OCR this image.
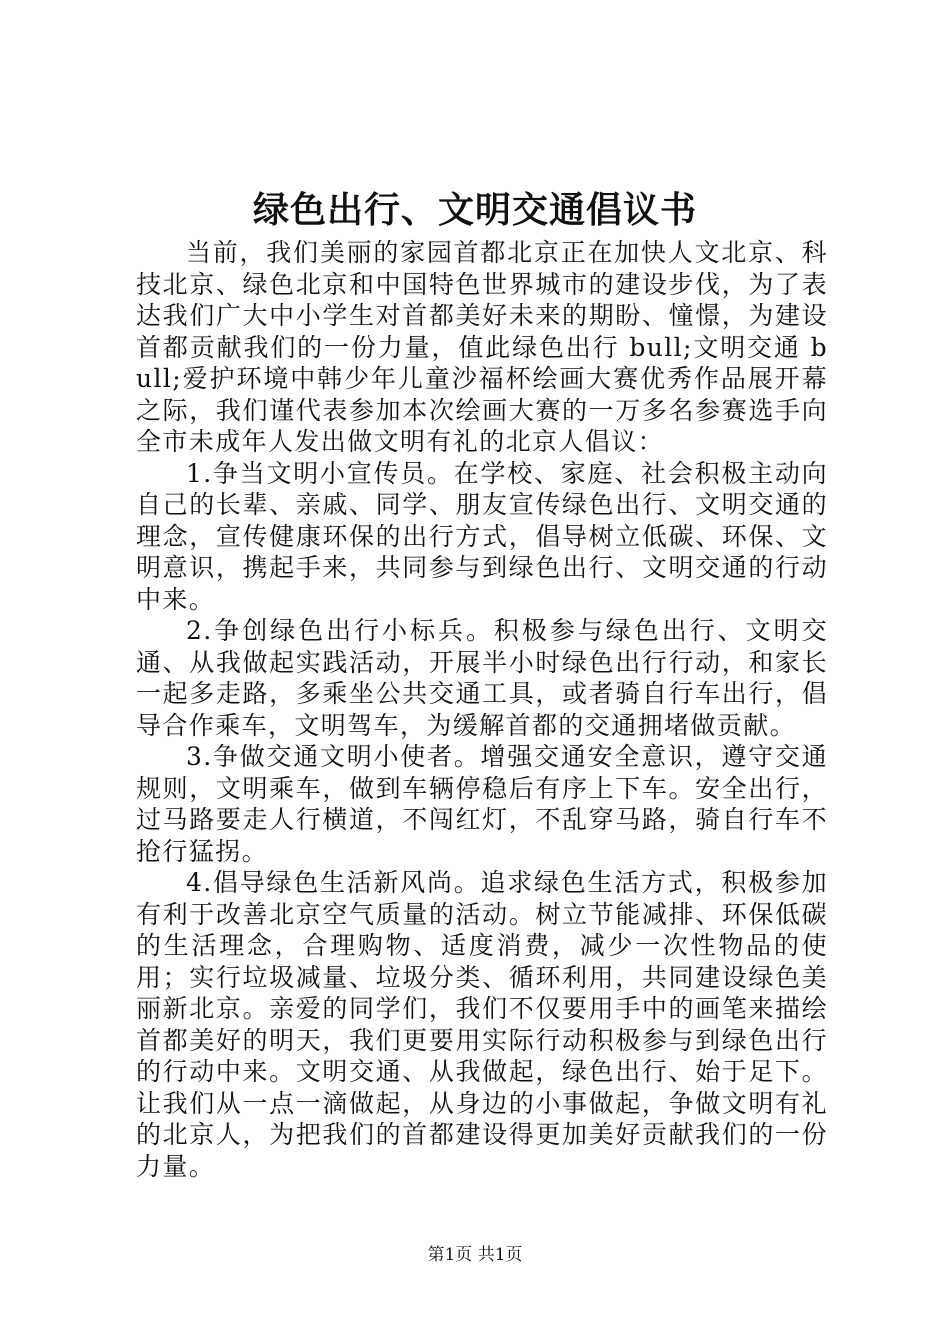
绿色出行、文明交通倡议书

当前，我们美丽的家园首都北京正在加快人文北京、科技北京、绿色北京和中国特色世界城市的建设步伐，为了表达我们广大中小学生对首都美好未来的期盼、憧憬，为建设首都贡献我们的一份力量，值此绿色出行 bull;文明交通 bull;爱护环境中韩少年儿童沙福杯绘画大赛优秀作品展开幕之际，我们谨代表参加本次绘画大赛的一万多名参赛选手向全市未成年人发出做文明有礼的北京人倡议：

1.争当文明小宣传员。在学校、家庭、社会积极主动向自己的长辈、亲戚、同学、朋友宣传绿色出行、文明交通的理念，宣传健康环保的出行方式，倡导树立低碳、环保、文明意识，携起手来，共同参与到绿色出行、文明交通的行动中来。

2.争创绿色出行小标兵。积极参与绿色出行、文明交通、从我做起实践活动，开展半小时绿色出行行动，和家长一起多走路，多乘坐公共交通工具，或者骑自行车出行，倡导合作乘车，文明驾车，为缓解首都的交通拥堵做贡献。

3.争做交通文明小使者。增强交通安全意识，遵守交通规则，文明乘车，做到车辆停稳后有序上下车。安全出行，过马路要走人行横道，不闯红灯，不乱穿马路，骑自行车不抢行猛拐。

4.倡导绿色生活新风尚。追求绿色生活方式，积极参加有利于改善北京空气质量的活动。树立节能减排、环保低碳的生活理念，合理购物、适度消费，减少一次性物品的使用；实行垃圾减量、垃圾分类、循环利用，共同建设绿色美丽新北京。亲爱的同学们，我们不仅要用手中的画笔来描绘首都美好的明天，我们更要用实际行动积极参与到绿色出行的行动中来。文明交通、从我做起，绿色出行、始于足下。让我们从一点一滴做起，从身边的小事做起，争做文明有礼的北京人，为把我们的首都建设得更加美好贡献我们的一份力量。

第1页 共1页
